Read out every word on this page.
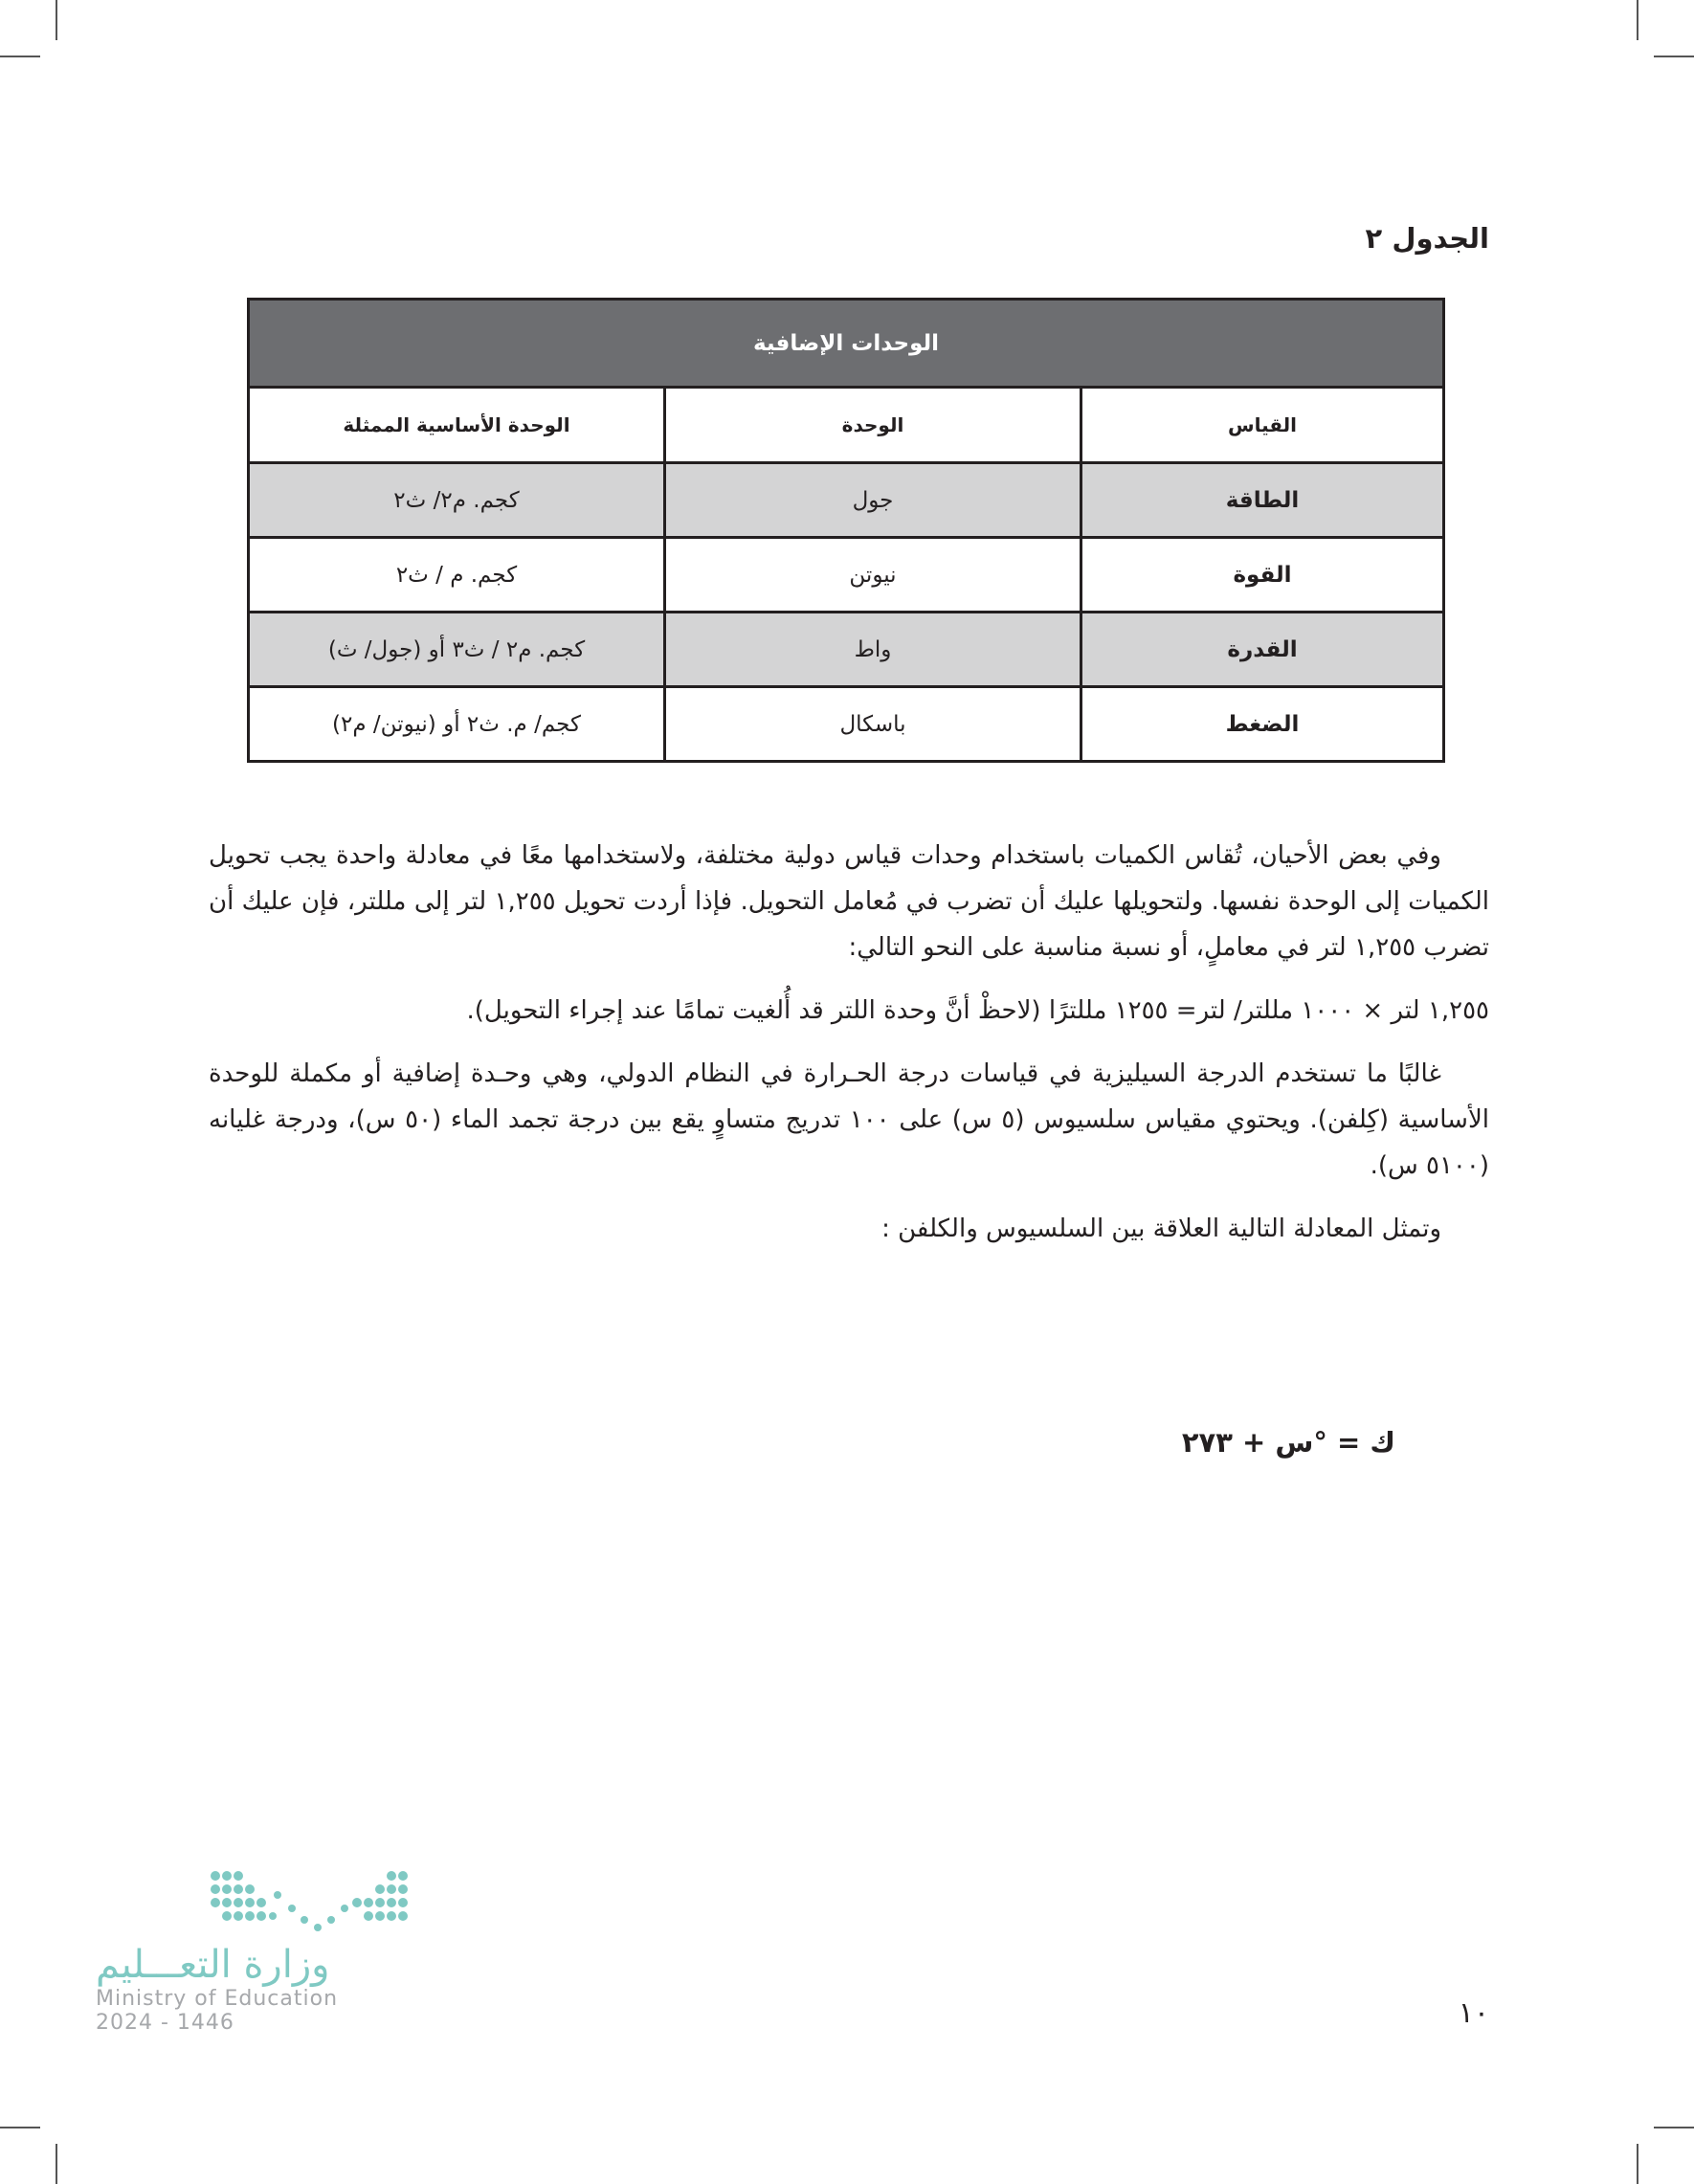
الجدول ٢
الوحدات الإضافية		
القياس	الوحدة	الوحدة الأساسية الممثلة
الطاقة	جول	كجم. م٢/ ث٢
القوة	نيوتن	كجم. م / ث٢
القدرة	واط	كجم. م٢ / ث٣ أو (جول/ ث)
الضغط	باسكال	كجم/ م. ث٢ أو (نيوتن/ م٢)

وفي بعض الأحيان، تُقاس الكميات باستخدام وحدات قياس دولية مختلفة، ولاستخدامها معًا في معادلة واحدة يجب تحويل الكميات إلى الوحدة نفسها. ولتحويلها عليك أن تضرب في مُعامل التحويل. فإذا أردت تحويل ١,٢٥٥ لتر إلى مللتر، فإن عليك أن تضرب ١,٢٥٥ لتر في معاملٍ، أو نسبة مناسبة على النحو التالي:

١,٢٥٥ لتر × ١٠٠٠ مللتر/ لتر= ١٢٥٥ مللترًا (لاحظْ أنَّ وحدة اللتر قد أُلغيت تمامًا عند إجراء التحويل).

غالبًا ما تستخدم الدرجة السيليزية في قياسات درجة الحـرارة في النظام الدولي، وهي وحـدة إضافية أو مكملة للوحدة الأساسية (كِلفن). ويحتوي مقياس سلسيوس (٥ س) على ١٠٠ تدريج متساوٍ يقع بين درجة تجمد الماء (٥٠ س)، ودرجة غليانه (٥١٠٠ س).

وتمثل المعادلة التالية العلاقة بين السلسيوس والكلفن :

ك = °س + ٢٧٣
١٠
وزارة التعـــليم
Ministry of Education
2024 - 1446
